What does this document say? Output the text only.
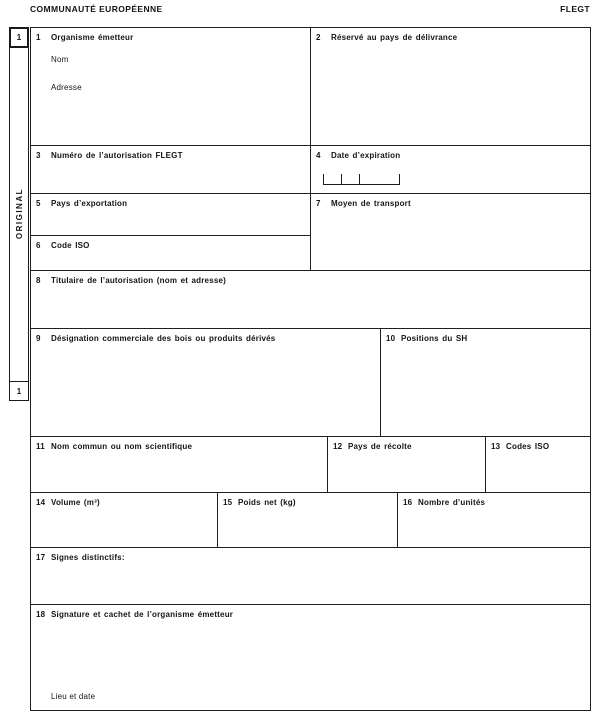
COMMUNAUTÉ EUROPÉENNE	FLEGT
1
ORIGINAL
1
1	Organisme émetteur
Nom
Adresse
2	Réservé au pays de délivrance
3	Numéro de l’autorisation FLEGT	4	Date d’expiration
5	Pays d’exportation	7	Moyen de transport
6	Code ISO
8	Titulaire de l’autorisation (nom et adresse)
9	Désignation commerciale des bois ou produits dérivés	10 Positions du SH
11 Nom commun ou nom scientifique	12 Pays de récolte	13 Codes ISO
14 Volume (m³)	15 Poids net (kg)	16 Nombre d’unités
17 Signes distinctifs:
18 Signature et cachet de l’organisme émetteur
Lieu et date
